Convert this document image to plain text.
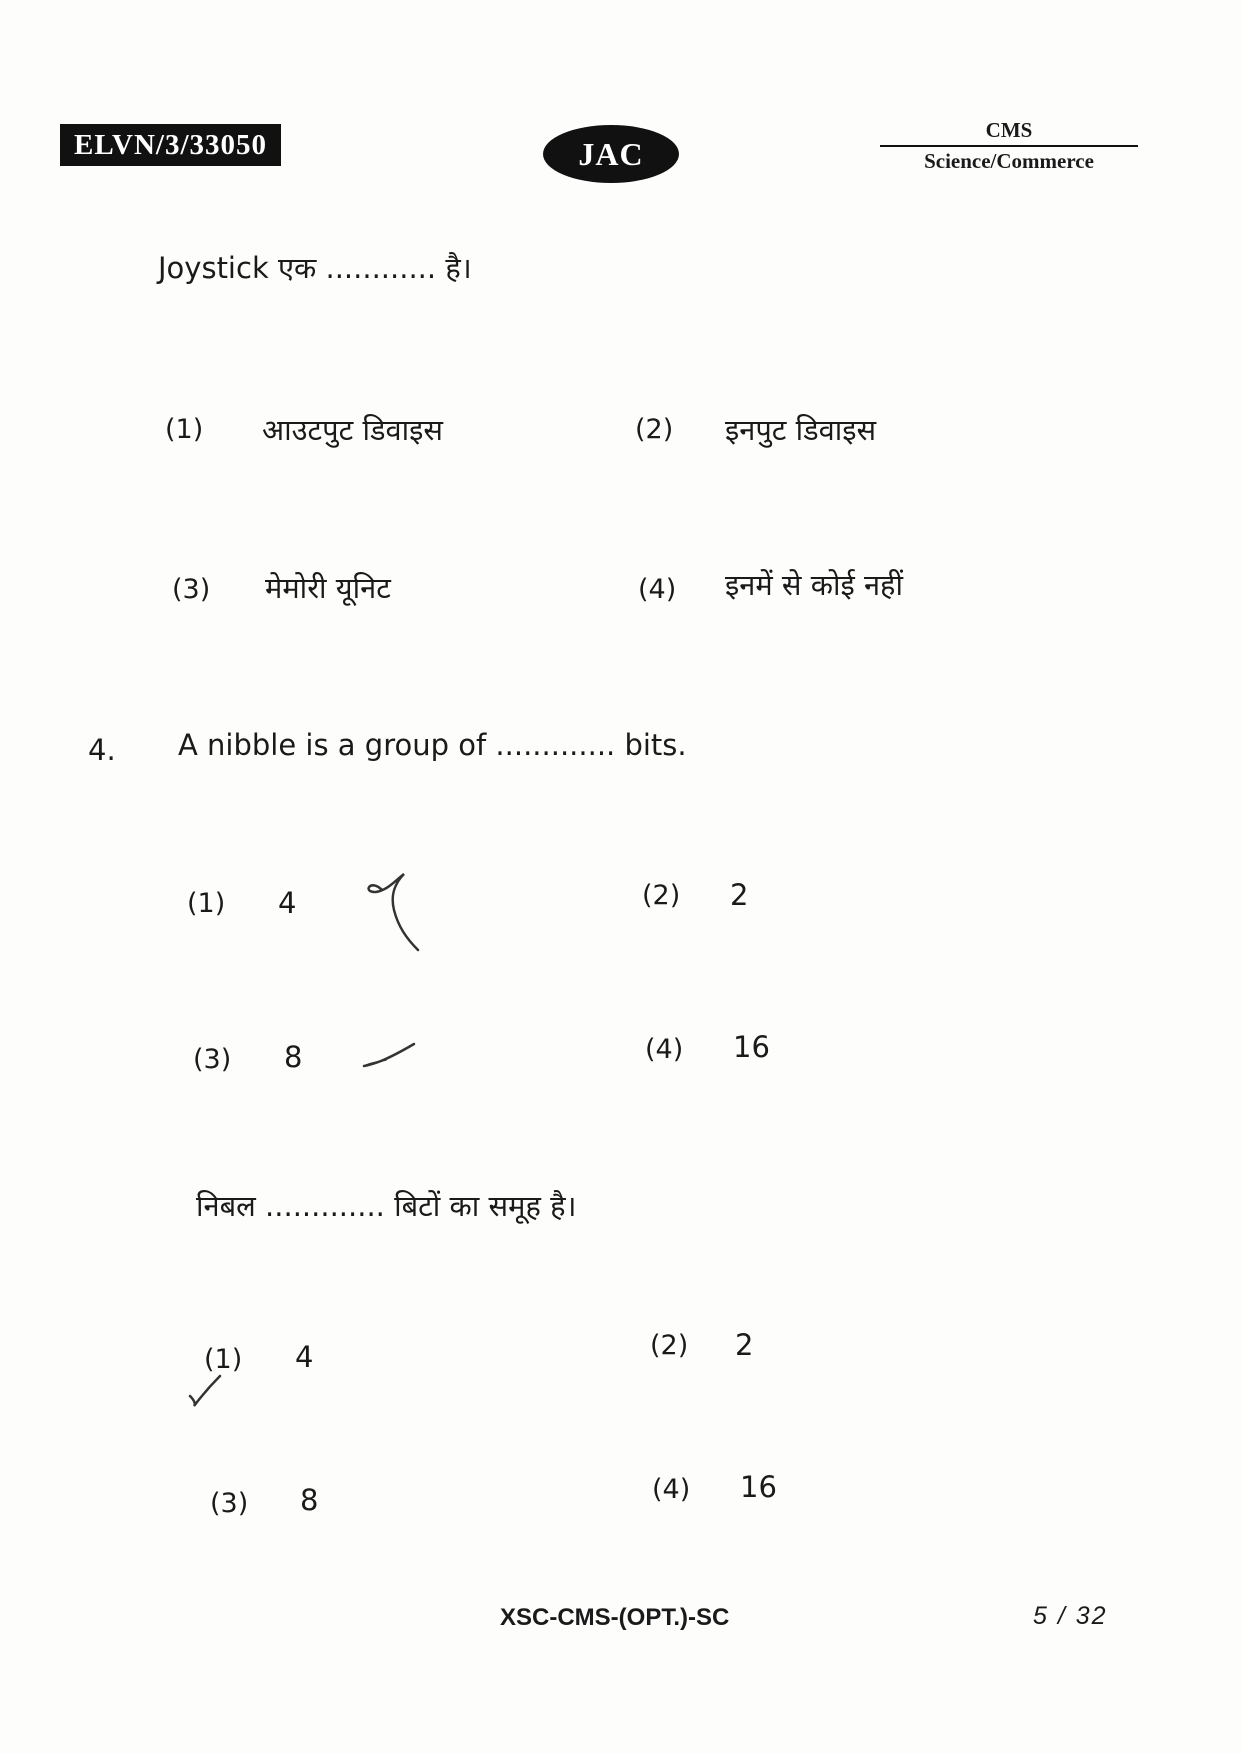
ELVN/3/33050	JAC
CMS
Science/Commerce
Joystick एक ............ है।
(1) आउटपुट डिवाइस	(2) इनपुट डिवाइस
(3) मेमोरी यूनिट	(4) इनमें से कोई नहीं
4. A nibble is a group of ............. bits.
(1) 4	(2) 2
(3) 8	(4) 16
निबल ............. बिटों का समूह है।
(1) 4	(2) 2
(3) 8	(4) 16
XSC-CMS-(OPT.)-SC	5 / 32
